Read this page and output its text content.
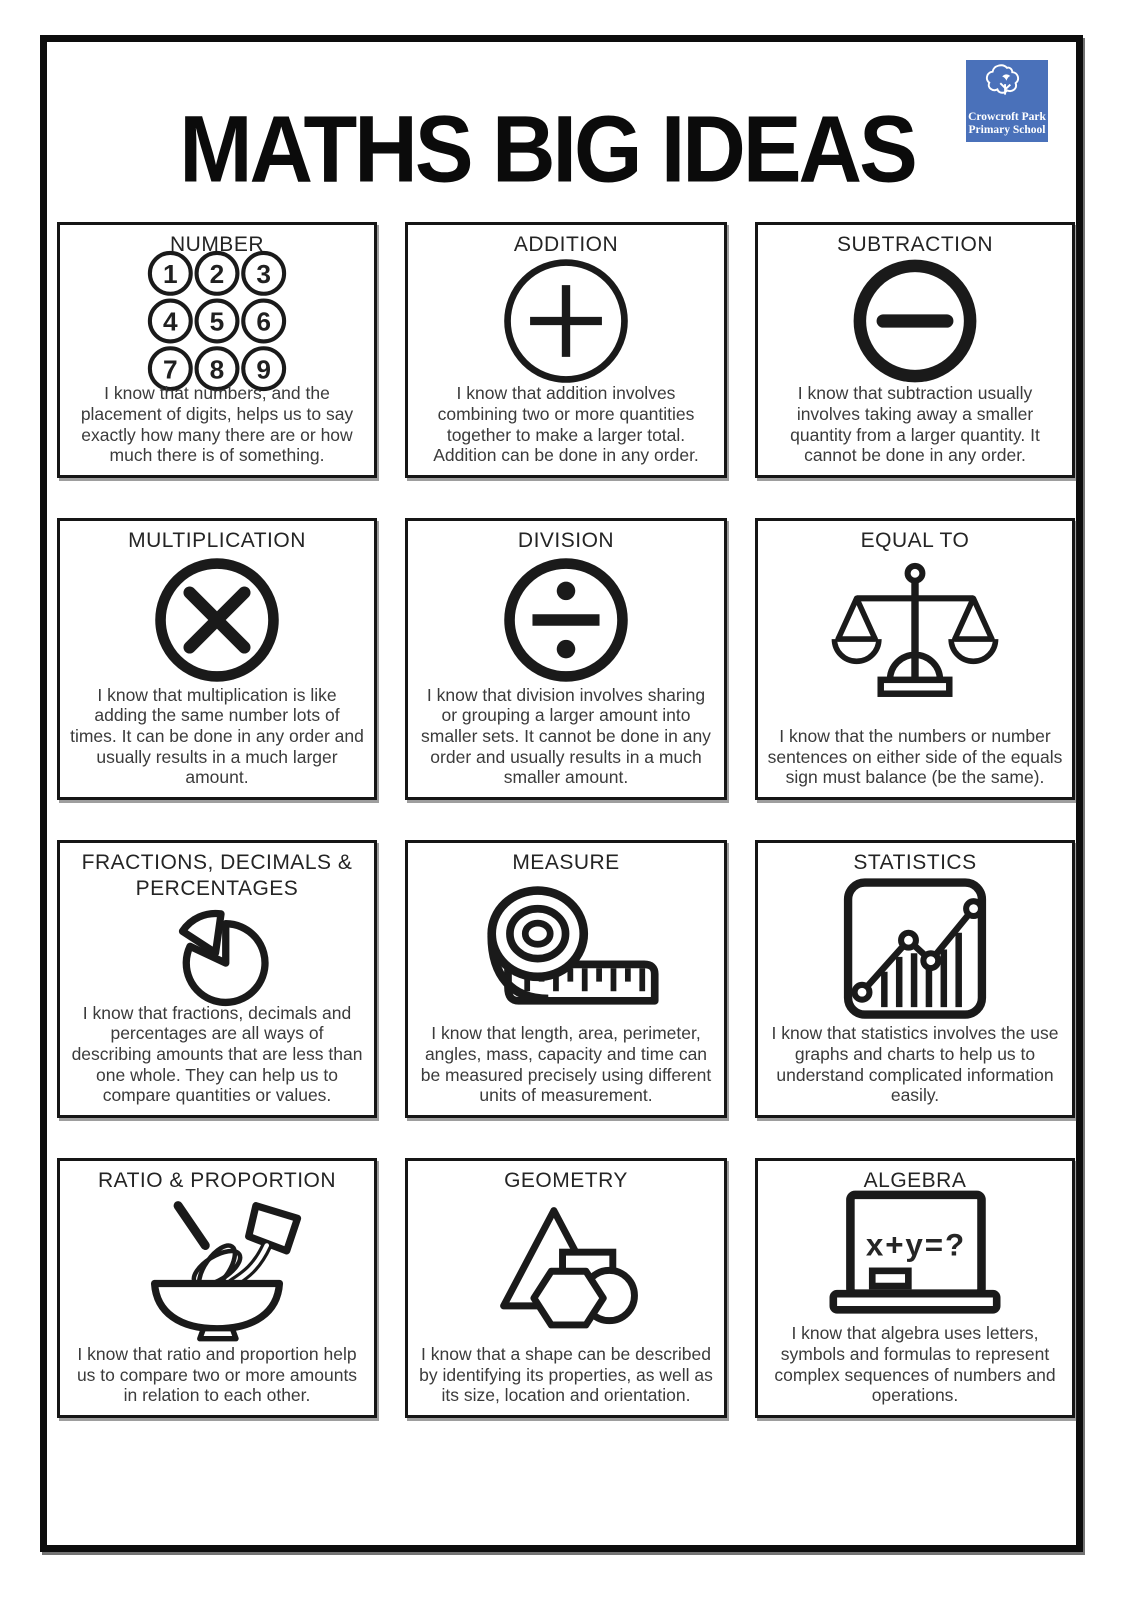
MATHS BIG IDEAS	Crowcroft Park
Primary School
NUMBER
1 2 3
4 5 6
7 8 9
I know that numbers, and the placement of digits, helps us to say exactly how many there are or how much there is of something.
ADDITION
I know that addition involves combining two or more quantities together to make a larger total. Addition can be done in any order.
SUBTRACTION
I know that subtraction usually involves taking away a smaller quantity from a larger quantity. It cannot be done in any order.
MULTIPLICATION
I know that multiplication is like adding the same number lots of times. It can be done in any order and usually results in a much larger amount.
DIVISION
I know that division involves sharing or grouping a larger amount into smaller sets. It cannot be done in any order and usually results in a much smaller amount.
EQUAL TO
I know that the numbers or number sentences on either side of the equals sign must balance (be the same).
FRACTIONS, DECIMALS & PERCENTAGES
I know that fractions, decimals and percentages are all ways of describing amounts that are less than one whole. They can help us to compare quantities or values.
MEASURE
I know that length, area, perimeter, angles, mass, capacity and time can be measured precisely using different units of measurement.
STATISTICS
I know that statistics involves the use graphs and charts to help us to understand complicated information easily.
RATIO & PROPORTION
I know that ratio and proportion help us to compare two or more amounts in relation to each other.
GEOMETRY
I know that a shape can be described by identifying its properties, as well as its size, location and orientation.
ALGEBRA
x+y=?
I know that algebra uses letters, symbols and formulas to represent complex sequences of numbers and operations.
